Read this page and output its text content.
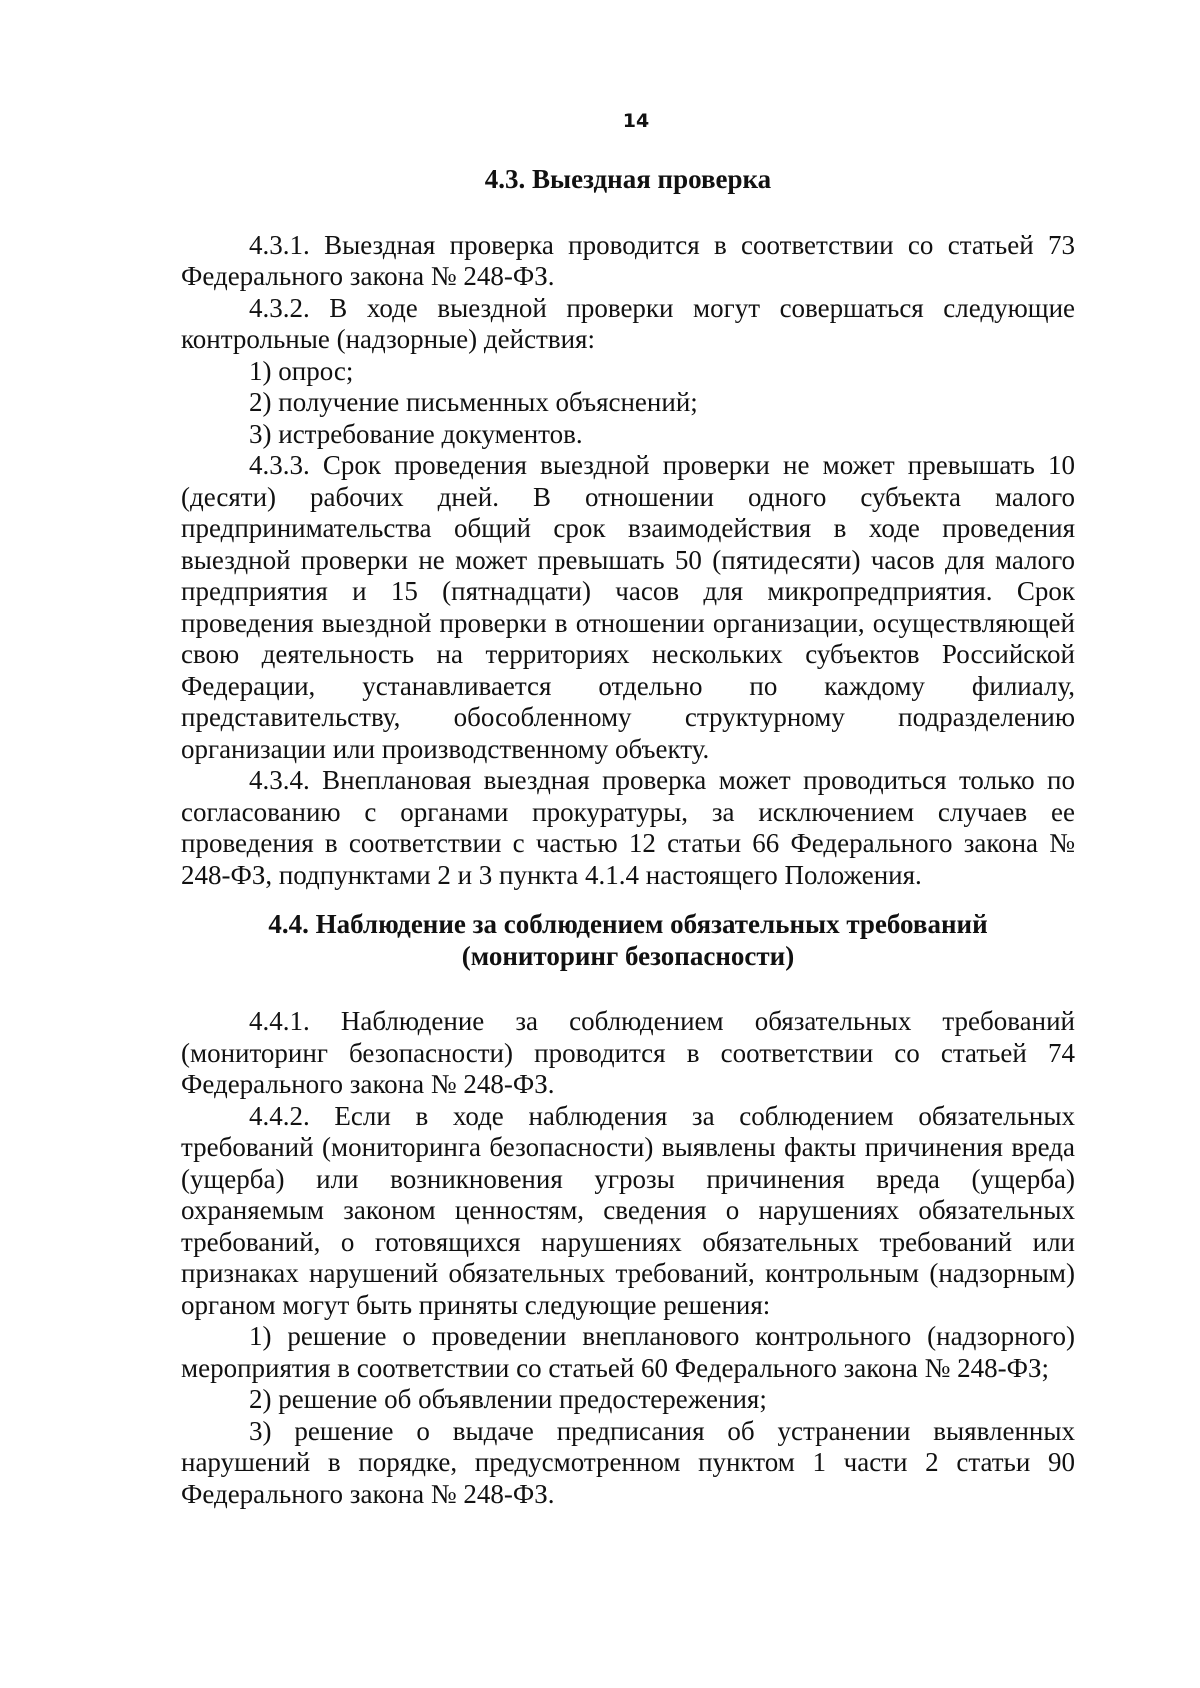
14

4.3. Выездная проверка

4.3.1. Выездная проверка проводится в соответствии со статьей 73 Федерального закона № 248-ФЗ.

4.3.2. В ходе выездной проверки могут совершаться следующие контрольные (надзорные) действия:

1) опрос;

2) получение письменных объяснений;

3) истребование документов.

4.3.3. Срок проведения выездной проверки не может превышать 10 (десяти) рабочих дней. В отношении одного субъекта малого предпринимательства общий срок взаимодействия в ходе проведения выездной проверки не может превышать 50 (пятидесяти) часов для малого предприятия и 15 (пятнадцати) часов для микропредприятия. Срок проведения выездной проверки в отношении организации, осуществляющей свою деятельность на территориях нескольких субъектов Российской Федерации, устанавливается отдельно по каждому филиалу, представительству, обособленному структурному подразделению организации или производственному объекту.

4.3.4. Внеплановая выездная проверка может проводиться только по согласованию с органами прокуратуры, за исключением случаев ее проведения в соответствии с частью 12 статьи 66 Федерального закона № 248-ФЗ, подпунктами 2 и 3 пункта 4.1.4 настоящего Положения.

4.4. Наблюдение за соблюдением обязательных требований

(мониторинг безопасности)

4.4.1. Наблюдение за соблюдением обязательных требований (мониторинг безопасности) проводится в соответствии со статьей 74 Федерального закона № 248-ФЗ.

4.4.2. Если в ходе наблюдения за соблюдением обязательных требований (мониторинга безопасности) выявлены факты причинения вреда (ущерба) или возникновения угрозы причинения вреда (ущерба) охраняемым законом ценностям, сведения о нарушениях обязательных требований, о готовящихся нарушениях обязательных требований или признаках нарушений обязательных требований, контрольным (надзорным) органом могут быть приняты следующие решения:

1) решение о проведении внепланового контрольного (надзорного) мероприятия в соответствии со статьей 60 Федерального закона № 248-ФЗ;

2) решение об объявлении предостережения;

3) решение о выдаче предписания об устранении выявленных нарушений в порядке, предусмотренном пунктом 1 части 2 статьи 90 Федерального закона № 248-ФЗ.
